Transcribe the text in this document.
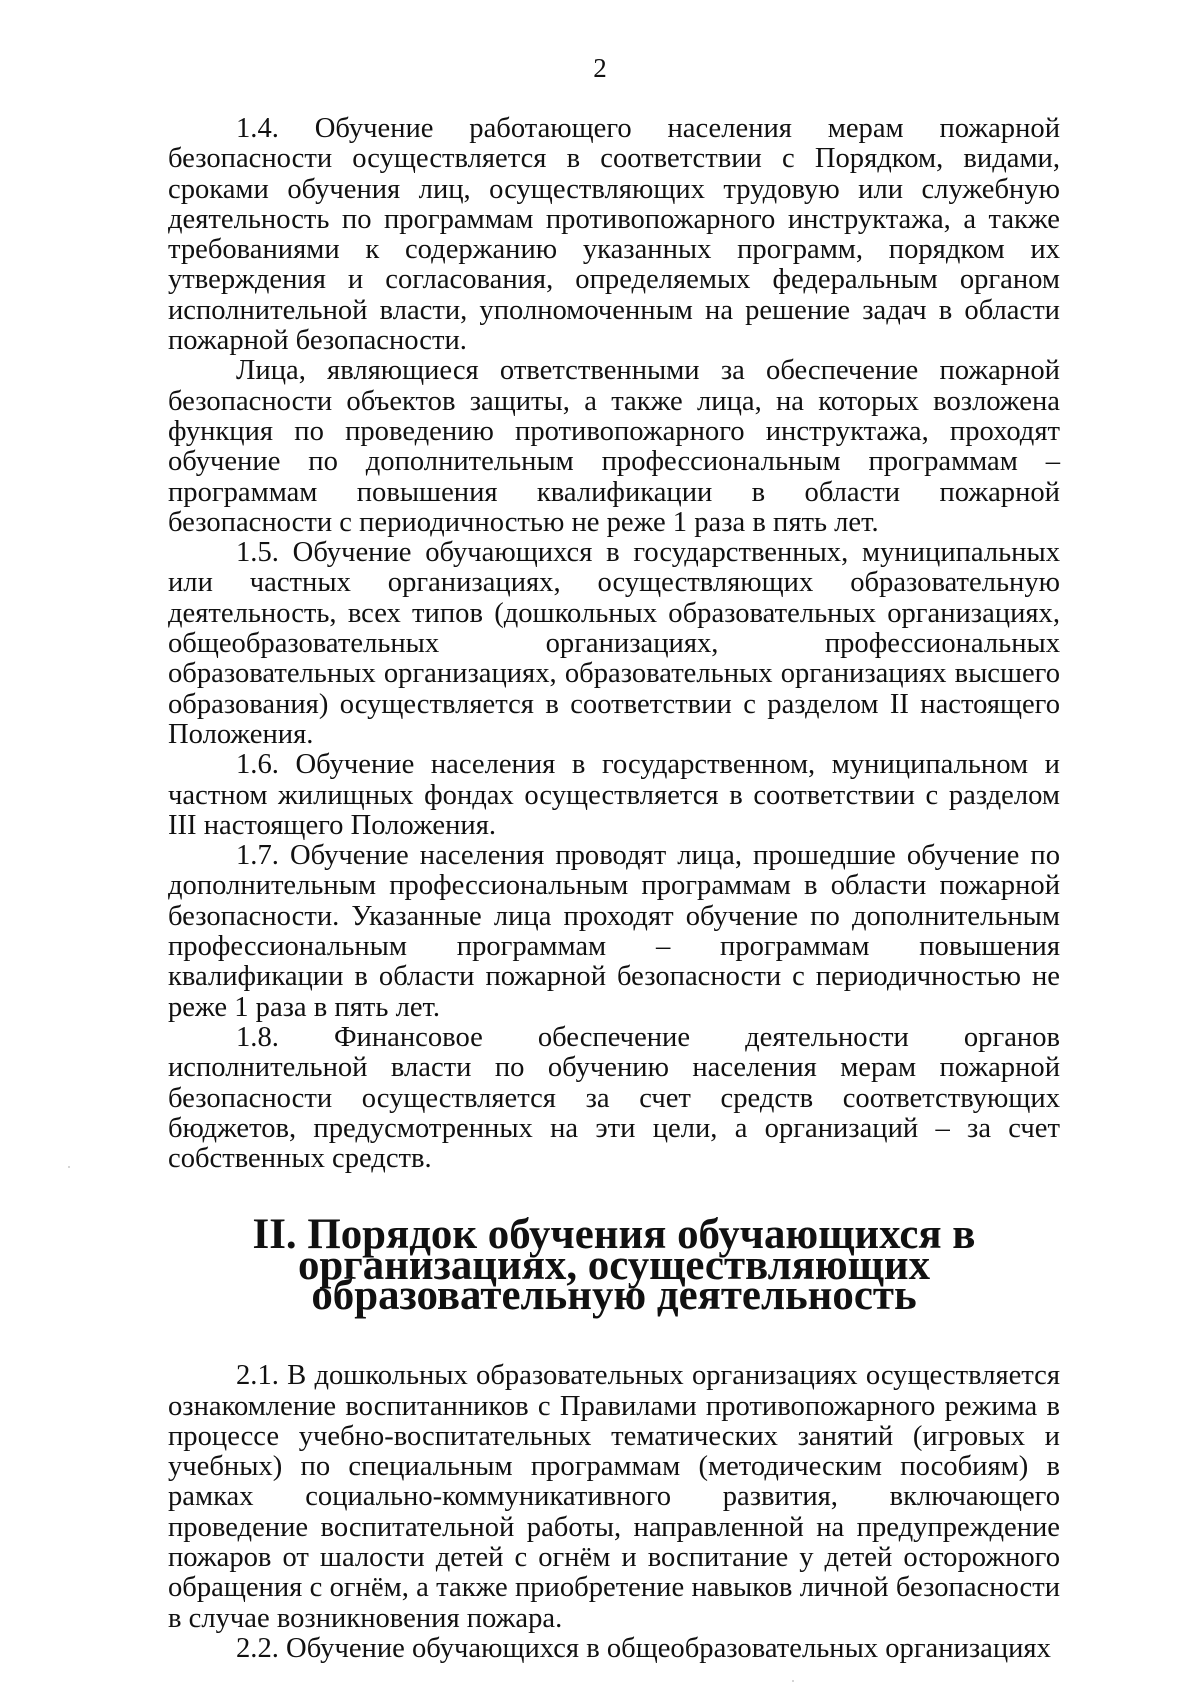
2

1.4. Обучение работающего населения мерам пожарной безопасности осуществляется в соответствии с Порядком, видами, сроками обучения лиц, осуществляющих трудовую или служебную деятельность по программам противопожарного инструктажа, а также требованиями к содержанию указанных программ, порядком их утверждения и согласования, определяемых федеральным органом исполнительной власти, уполномоченным на решение задач в области пожарной безопасности.

Лица, являющиеся ответственными за обеспечение пожарной безопасности объектов защиты, а также лица, на которых возложена функция по проведению противопожарного инструктажа, проходят обучение по дополнительным профессиональным программам – программам повышения квалификации в области пожарной безопасности с периодичностью не реже 1 раза в пять лет.

1.5. Обучение обучающихся в государственных, муниципальных или частных организациях, осуществляющих образовательную деятельность, всех типов (дошкольных образовательных организациях, общеобразовательных организациях, профессиональных образовательных организациях, образовательных организациях высшего образования) осуществляется в соответствии с разделом II настоящего Положения.

1.6. Обучение населения в государственном, муниципальном и частном жилищных фондах осуществляется в соответствии с разделом III настоящего Положения.

1.7. Обучение населения проводят лица, прошедшие обучение по дополнительным профессиональным программам в области пожарной безопасности. Указанные лица проходят обучение по дополнительным профессиональным программам – программам повышения квалификации в области пожарной безопасности с периодичностью не реже 1 раза в пять лет.

1.8. Финансовое обеспечение деятельности органов исполнительной власти по обучению населения мерам пожарной безопасности осуществляется за счет средств соответствующих бюджетов, предусмотренных на эти цели, а организаций – за счет собственных средств.

II. Порядок обучения обучающихся в организациях, осуществляющих образовательную деятельность

2.1. В дошкольных образовательных организациях осуществляется ознакомление воспитанников с Правилами противопожарного режима в процессе учебно-воспитательных тематических занятий (игровых и учебных) по специальным программам (методическим пособиям) в рамках социально-коммуникативного развития, включающего проведение воспитательной работы, направленной на предупреждение пожаров от шалости детей с огнём и воспитание у детей осторожного обращения с огнём, а также приобретение навыков личной безопасности в случае возникновения пожара.

2.2. Обучение обучающихся в общеобразовательных организациях
